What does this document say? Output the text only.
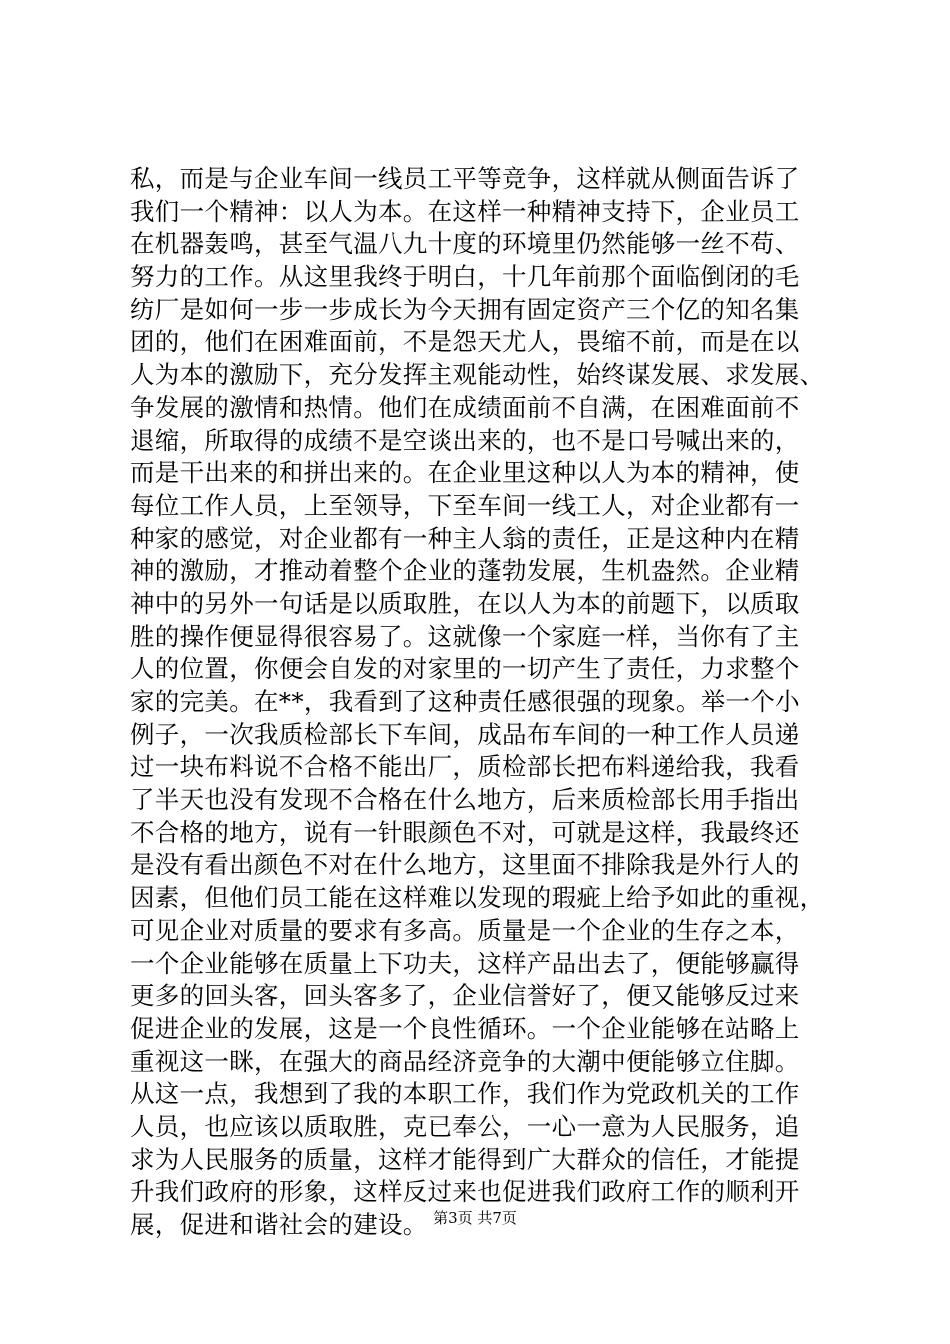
私，而是与企业车间一线员工平等竞争，这样就从侧面告诉了
我们一个精神：以人为本。在这样一种精神支持下，企业员工
在机器轰鸣，甚至气温八九十度的环境里仍然能够一丝不苟、
努力的工作。从这里我终于明白，十几年前那个面临倒闭的毛
纺厂是如何一步一步成长为今天拥有固定资产三个亿的知名集
团的，他们在困难面前，不是怨天尤人，畏缩不前，而是在以
人为本的激励下，充分发挥主观能动性，始终谋发展、求发展、
争发展的激情和热情。他们在成绩面前不自满，在困难面前不
退缩，所取得的成绩不是空谈出来的，也不是口号喊出来的，
而是干出来的和拼出来的。在企业里这种以人为本的精神，使
每位工作人员，上至领导，下至车间一线工人，对企业都有一
种家的感觉，对企业都有一种主人翁的责任，正是这种内在精
神的激励，才推动着整个企业的蓬勃发展，生机盎然。企业精
神中的另外一句话是以质取胜，在以人为本的前题下，以质取
胜的操作便显得很容易了。这就像一个家庭一样，当你有了主
人的位置，你便会自发的对家里的一切产生了责任，力求整个
家的完美。在**，我看到了这种责任感很强的现象。举一个小
例子，一次我质检部长下车间，成品布车间的一种工作人员递
过一块布料说不合格不能出厂，质检部长把布料递给我，我看
了半天也没有发现不合格在什么地方，后来质检部长用手指出
不合格的地方，说有一针眼颜色不对，可就是这样，我最终还
是没有看出颜色不对在什么地方，这里面不排除我是外行人的
因素，但他们员工能在这样难以发现的瑕疵上给予如此的重视，
可见企业对质量的要求有多高。质量是一个企业的生存之本，
一个企业能够在质量上下功夫，这样产品出去了，便能够赢得
更多的回头客，回头客多了，企业信誉好了，便又能够反过来
促进企业的发展，这是一个良性循环。一个企业能够在站略上
重视这一眯，在强大的商品经济竞争的大潮中便能够立住脚。
从这一点，我想到了我的本职工作，我们作为党政机关的工作
人员，也应该以质取胜，克已奉公，一心一意为人民服务，追
求为人民服务的质量，这样才能得到广大群众的信任，才能提
升我们政府的形象，这样反过来也促进我们政府工作的顺利开
展，促进和谐社会的建设。 第3页 共7页
